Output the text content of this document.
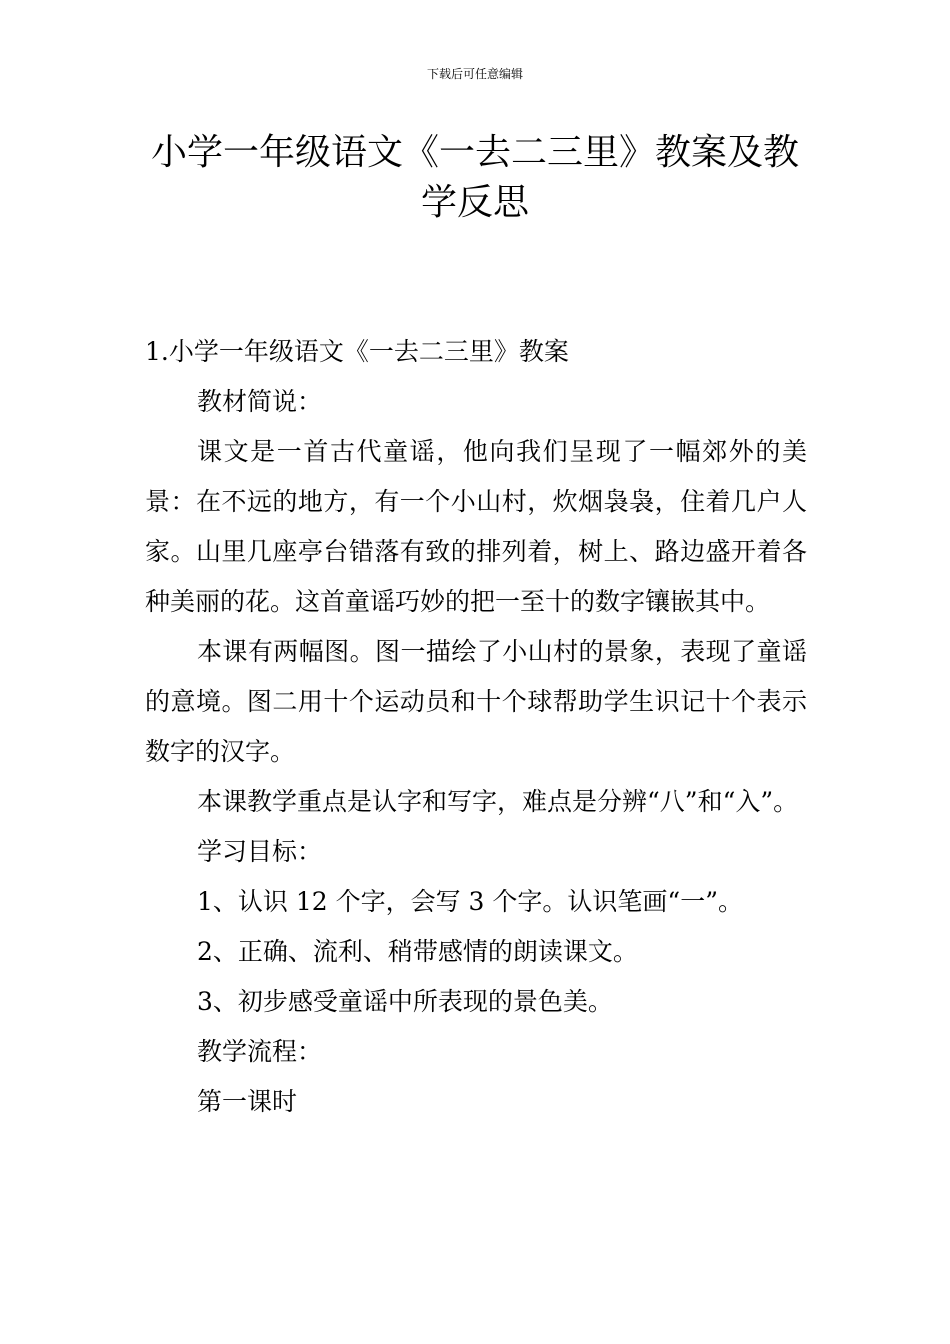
下载后可任意编辑
小学一年级语文《一去二三里》教案及教学反思

1.小学一年级语文《一去二三里》教案

教材简说：

课文是一首古代童谣，他向我们呈现了一幅郊外的美景：在不远的地方，有一个小山村，炊烟袅袅，住着几户人家。山里几座亭台错落有致的排列着，树上、路边盛开着各种美丽的花。这首童谣巧妙的把一至十的数字镶嵌其中。

本课有两幅图。图一描绘了小山村的景象，表现了童谣的意境。图二用十个运动员和十个球帮助学生识记十个表示数字的汉字。

本课教学重点是认字和写字，难点是分辨“八”和“入”。

学习目标：

1、认识 12 个字，会写 3 个字。认识笔画“一”。

2、正确、流利、稍带感情的朗读课文。

3、初步感受童谣中所表现的景色美。

教学流程：

第一课时
